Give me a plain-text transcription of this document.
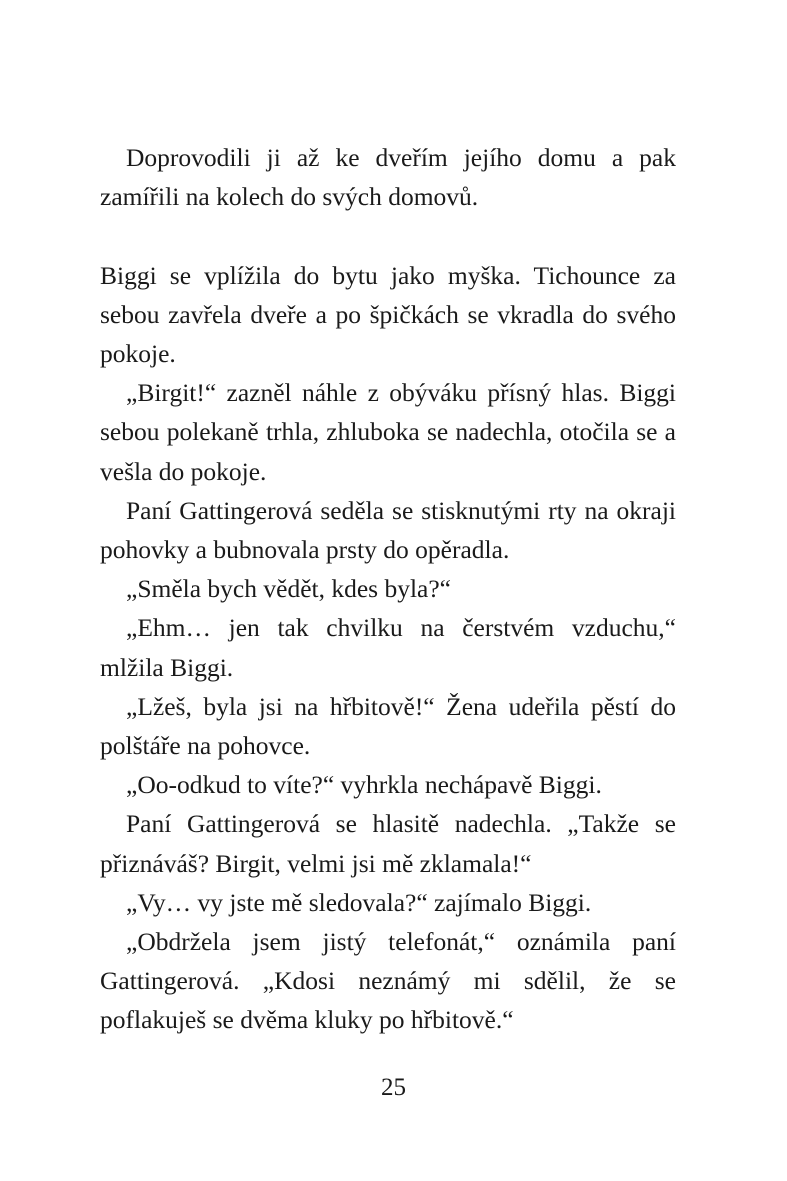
Doprovodili ji až ke dveřím jejího domu a pak zamířili na kolech do svých domovů.

Biggi se vplížila do bytu jako myška. Tichounce za sebou zavřela dveře a po špičkách se vkradla do svého pokoje.

„Birgit!“ zazněl náhle z obýváku přísný hlas. Biggi sebou polekaně trhla, zhluboka se nadechla, otočila se a vešla do pokoje.

Paní Gattingerová seděla se stisknutými rty na okraji pohovky a bubnovala prsty do opěradla.

„Směla bych vědět, kdes byla?“

„Ehm… jen tak chvilku na čerstvém vzduchu,“ mlžila Biggi.

„Lžeš, byla jsi na hřbitově!“ Žena udeřila pěstí do polštáře na pohovce.

„Oo-odkud to víte?“ vyhrkla nechápavě Biggi.

Paní Gattingerová se hlasitě nadechla. „Takže se přiznáváš? Birgit, velmi jsi mě zklamala!“

„Vy… vy jste mě sledovala?“ zajímalo Biggi.

„Obdržela jsem jistý telefonát,“ oznámila paní Gattingerová. „Kdosi neznámý mi sdělil, že se poflakuješ se dvěma kluky po hřbitově.“

25
